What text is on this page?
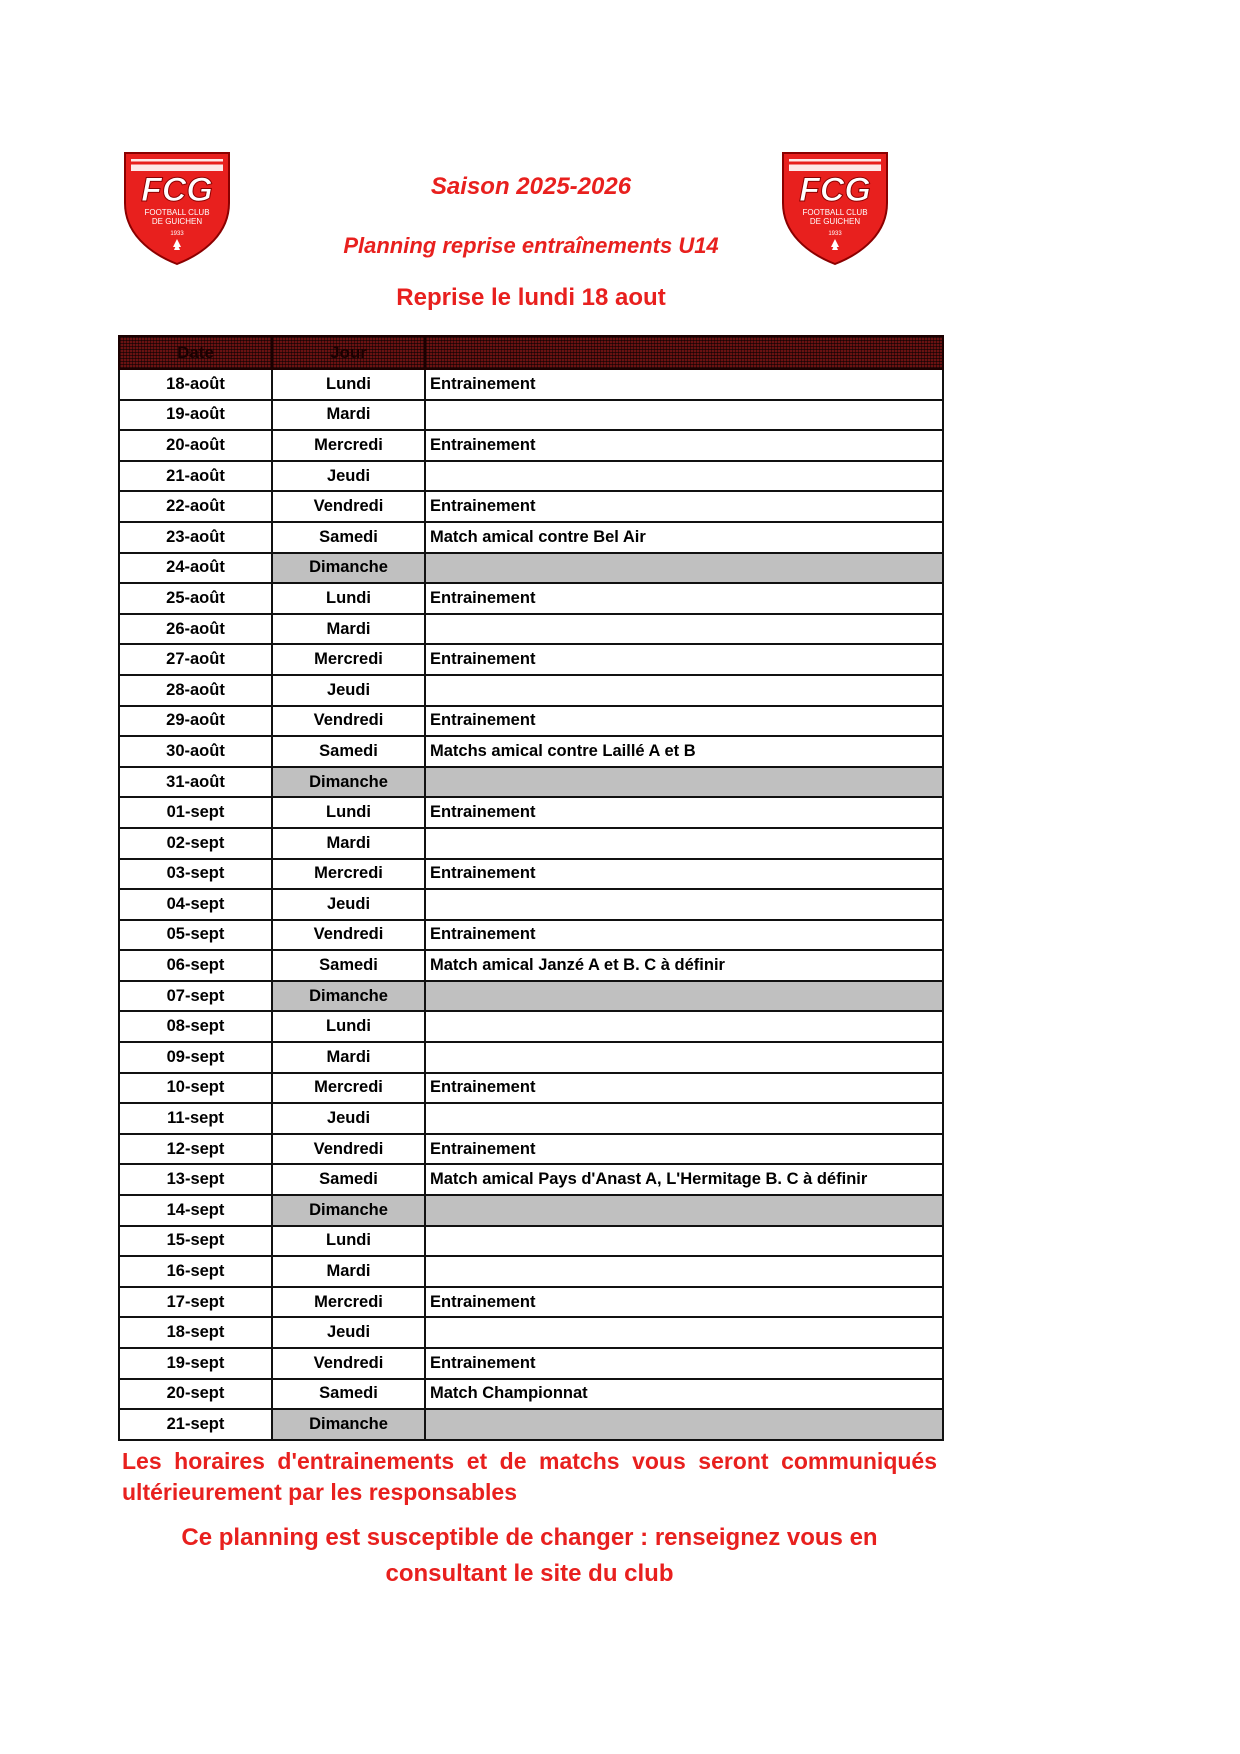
FCG
FOOTBALL CLUB
DE GUICHEN
1933
FCG
FOOTBALL CLUB
DE GUICHEN
1933
Saison 2025-2026
Planning reprise entraînements U14
Reprise le lundi 18 aout
Date	Jour	
18-août	Lundi	Entrainement
19-août	Mardi	
20-août	Mercredi	Entrainement
21-août	Jeudi	
22-août	Vendredi	Entrainement
23-août	Samedi	Match amical contre Bel Air
24-août	Dimanche	
25-août	Lundi	Entrainement
26-août	Mardi	
27-août	Mercredi	Entrainement
28-août	Jeudi	
29-août	Vendredi	Entrainement
30-août	Samedi	Matchs amical contre Laillé A et B
31-août	Dimanche	
01-sept	Lundi	Entrainement
02-sept	Mardi	
03-sept	Mercredi	Entrainement
04-sept	Jeudi	
05-sept	Vendredi	Entrainement
06-sept	Samedi	Match amical Janzé A et B. C à définir
07-sept	Dimanche	
08-sept	Lundi	
09-sept	Mardi	
10-sept	Mercredi	Entrainement
11-sept	Jeudi	
12-sept	Vendredi	Entrainement
13-sept	Samedi	Match amical Pays d'Anast A, L'Hermitage B. C à définir
14-sept	Dimanche	
15-sept	Lundi	
16-sept	Mardi	
17-sept	Mercredi	Entrainement
18-sept	Jeudi	
19-sept	Vendredi	Entrainement
20-sept	Samedi	Match Championnat
21-sept	Dimanche	
Les horaires d'entrainements et de matchs vous seront communiqués ultérieurement par les responsables
Ce planning est susceptible de changer : renseignez vous en consultant le site du club
